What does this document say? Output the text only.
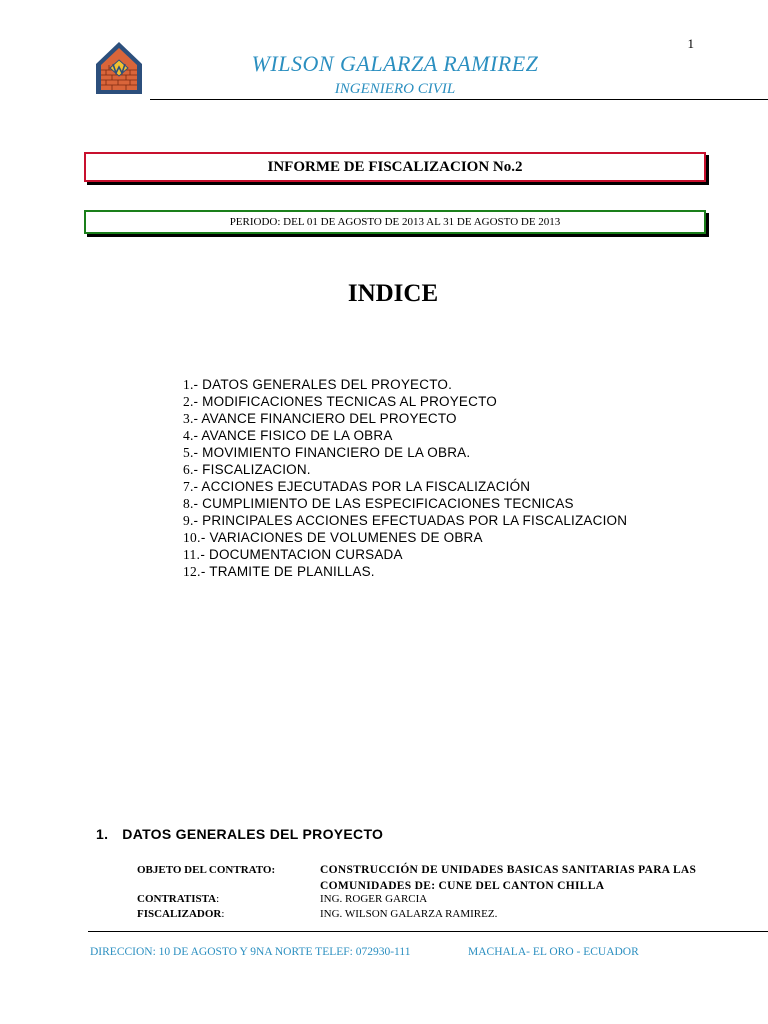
1
WILSON GALARZA RAMIREZ
INGENIERO CIVIL
INFORME DE FISCALIZACION No.2
PERIODO: DEL 01 DE AGOSTO DE 2013 AL 31 DE AGOSTO DE 2013
INDICE
1.- DATOS GENERALES DEL PROYECTO.
2.- MODIFICACIONES TECNICAS AL PROYECTO
3.- AVANCE FINANCIERO DEL PROYECTO
4.- AVANCE FISICO DE LA OBRA
5.- MOVIMIENTO FINANCIERO DE LA OBRA.
6.- FISCALIZACION.
7.- ACCIONES EJECUTADAS POR LA FISCALIZACIÓN
8.- CUMPLIMIENTO DE LAS ESPECIFICACIONES TECNICAS
9.- PRINCIPALES ACCIONES EFECTUADAS POR LA FISCALIZACION
10.- VARIACIONES DE VOLUMENES DE OBRA
11.- DOCUMENTACION CURSADA
12.- TRAMITE DE PLANILLAS.
1. DATOS GENERALES DEL PROYECTO
OBJETO DEL CONTRATO:	CONSTRUCCIÓN DE UNIDADES BASICAS SANITARIAS PARA LAS COMUNIDADES DE: CUNE DEL CANTON CHILLA
CONTRATISTA:	ING. ROGER GARCIA
FISCALIZADOR:	ING. WILSON GALARZA RAMIREZ.
DIRECCION: 10 DE AGOSTO Y 9NA NORTE TELEF: 072930-111	MACHALA- EL ORO - ECUADOR
